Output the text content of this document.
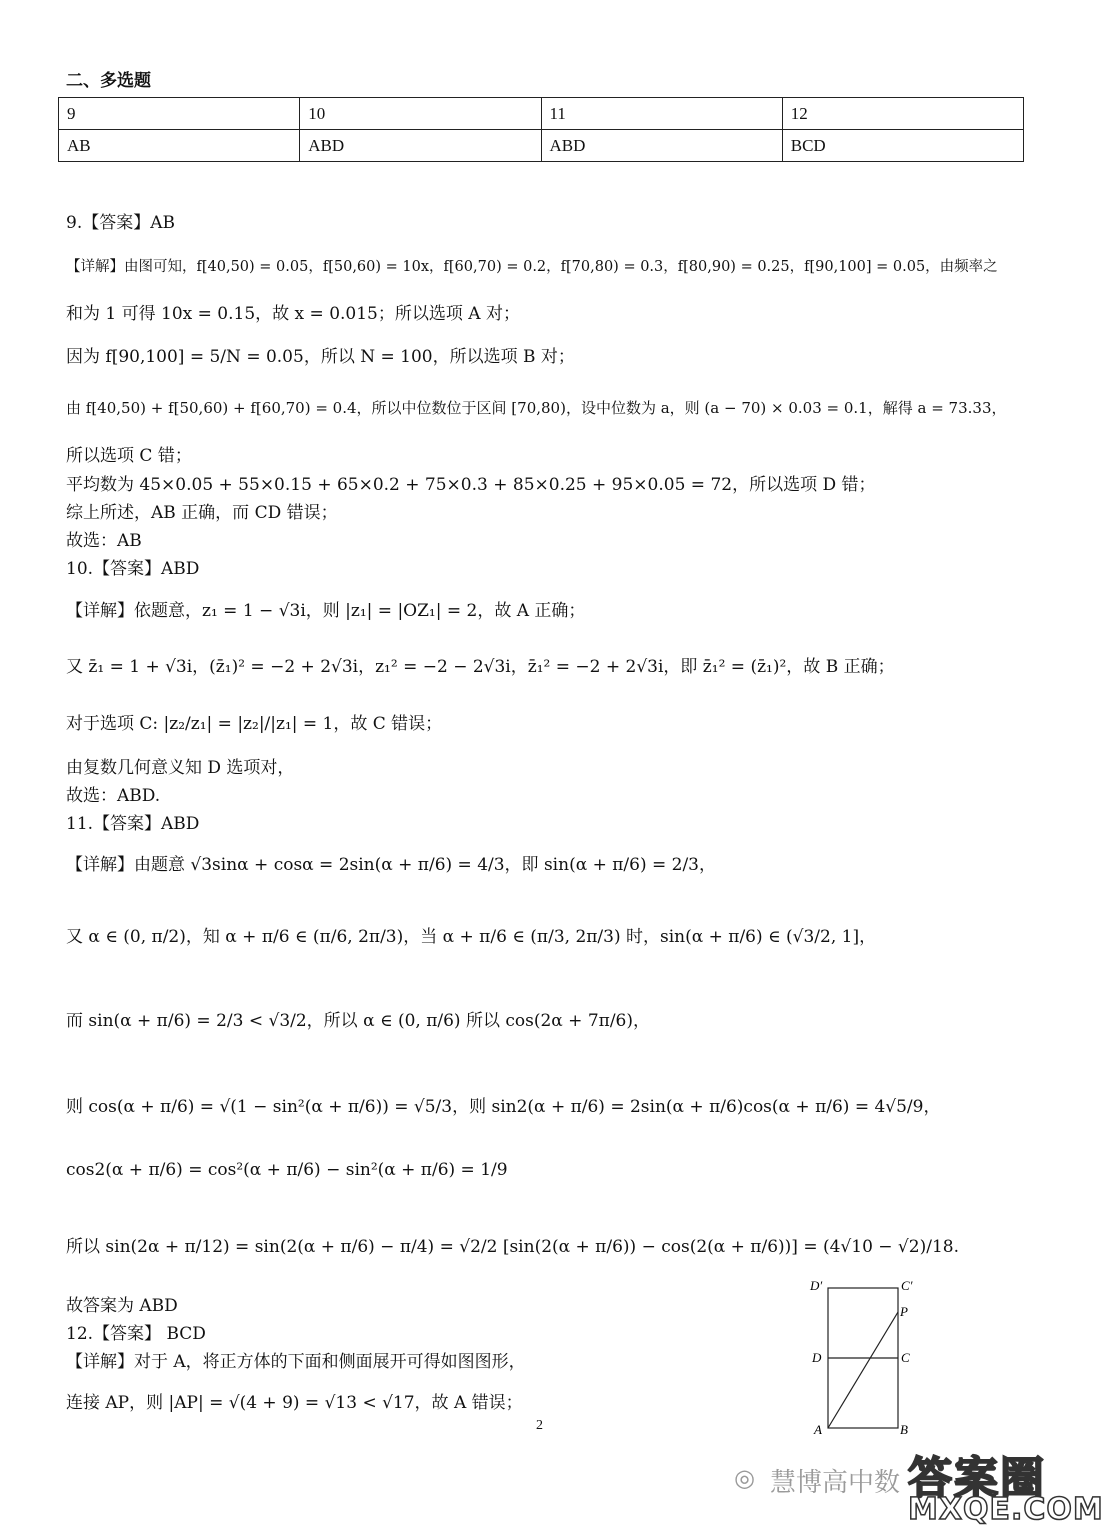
二、多选题
9	10	11	12
AB	ABD	ABD	BCD
9.【答案】AB
【详解】由图可知，f[40,50) = 0.05，f[50,60) = 10x，f[60,70) = 0.2，f[70,80) = 0.3，f[80,90) = 0.25，f[90,100] = 0.05，由频率之
和为 1 可得 10x = 0.15，故 x = 0.015；所以选项 A 对；
因为 f[90,100] = 5/N = 0.05，所以 N = 100，所以选项 B 对；
由 f[40,50) + f[50,60) + f[60,70) = 0.4，所以中位数位于区间 [70,80)，设中位数为 a，则 (a − 70) × 0.03 = 0.1，解得 a = 73.33，
所以选项 C 错；
平均数为 45×0.05 + 55×0.15 + 65×0.2 + 75×0.3 + 85×0.25 + 95×0.05 = 72，所以选项 D 错；
综上所述，AB 正确，而 CD 错误；
故选：AB
10.【答案】ABD
【详解】依题意，z₁ = 1 − √3i，则 |z₁| = |OZ₁| = 2，故 A 正确；
又 z̄₁ = 1 + √3i，(z̄₁)² = −2 + 2√3i，z₁² = −2 − 2√3i，z̄₁² = −2 + 2√3i，即 z̄₁² = (z̄₁)²，故 B 正确；
对于选项 C: |z₂/z₁| = |z₂|/|z₁| = 1，故 C 错误；
由复数几何意义知 D 选项对，
故选：ABD.
11.【答案】ABD
【详解】由题意 √3sinα + cosα = 2sin(α + π/6) = 4/3，即 sin(α + π/6) = 2/3，
又 α ∈ (0, π/2)，知 α + π/6 ∈ (π/6, 2π/3)，当 α + π/6 ∈ (π/3, 2π/3) 时，sin(α + π/6) ∈ (√3/2, 1]，
而 sin(α + π/6) = 2/3 < √3/2，所以 α ∈ (0, π/6) 所以 cos(2α + 7π/6)，
则 cos(α + π/6) = √(1 − sin²(α + π/6)) = √5/3，则 sin2(α + π/6) = 2sin(α + π/6)cos(α + π/6) = 4√5/9，
cos2(α + π/6) = cos²(α + π/6) − sin²(α + π/6) = 1/9
所以 sin(2α + π/12) = sin(2(α + π/6) − π/4) = √2/2 [sin(2(α + π/6)) − cos(2(α + π/6))] = (4√10 − √2)/18.
故答案为 ABD
12.【答案】 BCD
【详解】对于 A，将正方体的下面和侧面展开可得如图图形，
连接 AP，则 |AP| = √(4 + 9) = √13 < √17，故 A 错误；
D′	C′
P
D	C
A	B
2
◎ 慧博高中数 答案圈
MXQE.COM
